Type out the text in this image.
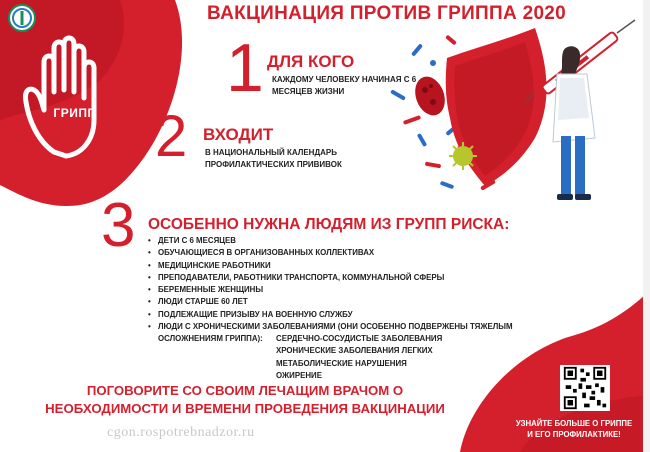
ГРИПП
ВАКЦИНАЦИЯ ПРОТИВ ГРИППА 2020
1 ДЛЯ КОГО
КАЖДОМУ ЧЕЛОВЕКУ НАЧИНАЯ С 6 МЕСЯЦЕВ ЖИЗНИ
2 ВХОДИТ
В НАЦИОНАЛЬНЫЙ КАЛЕНДАРЬ ПРОФИЛАКТИЧЕСКИХ ПРИВИВОК
3 ОСОБЕННО НУЖНА ЛЮДЯМ ИЗ ГРУПП РИСКА:
• ДЕТИ С 6 МЕСЯЦЕВ
• ОБУЧАЮЩИЕСЯ В ОРГАНИЗОВАННЫХ КОЛЛЕКТИВАХ
• МЕДИЦИНСКИЕ РАБОТНИКИ
• ПРЕПОДАВАТЕЛИ, РАБОТНИКИ ТРАНСПОРТА, КОММУНАЛЬНОЙ СФЕРЫ
• БЕРЕМЕННЫЕ ЖЕНЩИНЫ
• ЛЮДИ СТАРШЕ 60 ЛЕТ
• ПОДЛЕЖАЩИЕ ПРИЗЫВУ НА ВОЕННУЮ СЛУЖБУ
• ЛЮДИ С ХРОНИЧЕСКИМИ ЗАБОЛЕВАНИЯМИ (ОНИ ОСОБЕННО ПОДВЕРЖЕНЫ ТЯЖЕЛЫМ
ОСЛОЖНЕНИЯМ ГРИППА): СЕРДЕЧНО-СОСУДИСТЫЕ ЗАБОЛЕВАНИЯ
ХРОНИЧЕСКИЕ ЗАБОЛЕВАНИЯ ЛЕГКИХ
МЕТАБОЛИЧЕСКИЕ НАРУШЕНИЯ
ОЖИРЕНИЕ
ПОГОВОРИТЕ СО СВОИМ ЛЕЧАЩИМ ВРАЧОМ О
НЕОБХОДИМОСТИ И ВРЕМЕНИ ПРОВЕДЕНИЯ ВАКЦИНАЦИИ
cgon.rospotrebnadzor.ru
УЗНАЙТЕ БОЛЬШЕ О ГРИППЕ
И ЕГО ПРОФИЛАКТИКЕ!
